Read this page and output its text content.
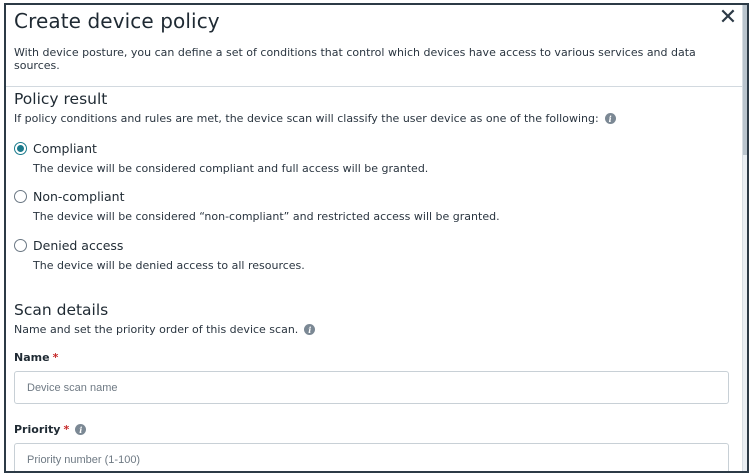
Create device policy	✕
With device posture, you can define a set of conditions that control which devices have access to various services and data sources.
Policy result
If policy conditions and rules are met, the device scan will classify the user device as one of the following:	i
Compliant
The device will be considered compliant and full access will be granted.
Non-compliant
The device will be considered “non-compliant” and restricted access will be granted.
Denied access
The device will be denied access to all resources.
Scan details
Name and set the priority order of this device scan.	i
Name *
Device scan name
Priority *	i
Priority number (1-100)
